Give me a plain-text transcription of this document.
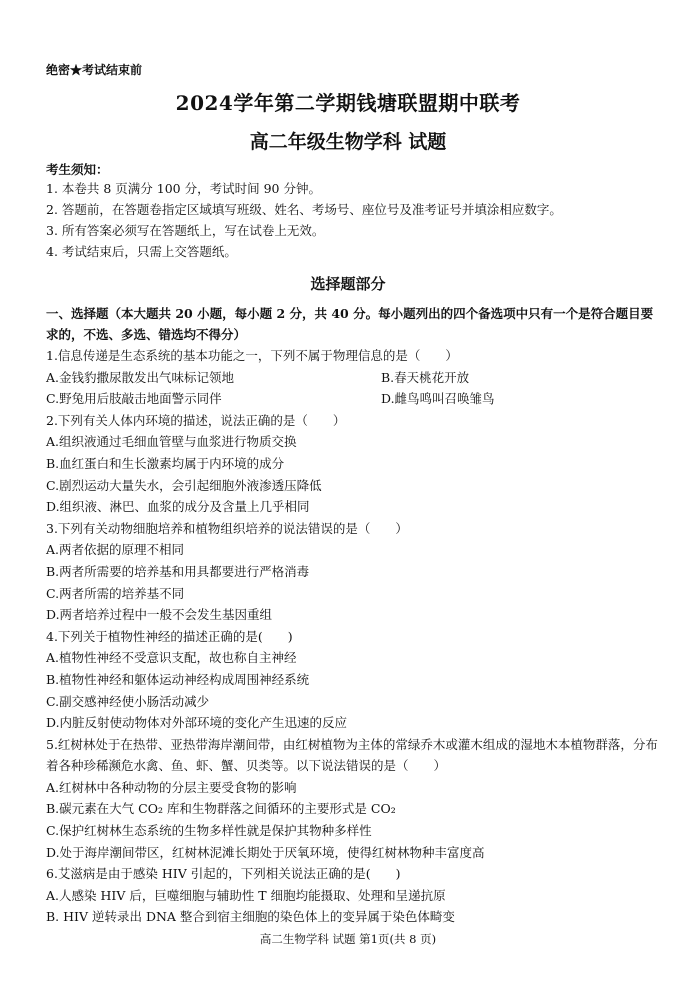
绝密★考试结束前
2024学年第二学期钱塘联盟期中联考
高二年级生物学科 试题
考生须知：
1. 本卷共 8 页满分 100 分，考试时间 90 分钟。
2. 答题前，在答题卷指定区域填写班级、姓名、考场号、座位号及准考证号并填涂相应数字。
3. 所有答案必须写在答题纸上，写在试卷上无效。
4. 考试结束后，只需上交答题纸。
选择题部分
一、选择题（本大题共 20 小题，每小题 2 分，共 40 分。每小题列出的四个备选项中只有一个是符合题目要求的，不选、多选、错选均不得分）
1.信息传递是生态系统的基本功能之一，下列不属于物理信息的是（　　）
A.金钱豹撒尿散发出气味标记领地	B.春天桃花开放
C.野兔用后肢敲击地面警示同伴	D.雌鸟鸣叫召唤雏鸟
2.下列有关人体内环境的描述，说法正确的是（　　）
A.组织液通过毛细血管壁与血浆进行物质交换
B.血红蛋白和生长激素均属于内环境的成分
C.剧烈运动大量失水，会引起细胞外液渗透压降低
D.组织液、淋巴、血浆的成分及含量上几乎相同
3.下列有关动物细胞培养和植物组织培养的说法错误的是（　　）
A.两者依据的原理不相同
B.两者所需要的培养基和用具都要进行严格消毒
C.两者所需的培养基不同
D.两者培养过程中一般不会发生基因重组
4.下列关于植物性神经的描述正确的是(　　)
A.植物性神经不受意识支配，故也称自主神经
B.植物性神经和躯体运动神经构成周围神经系统
C.副交感神经使小肠活动减少
D.内脏反射使动物体对外部环境的变化产生迅速的反应
5.红树林处于在热带、亚热带海岸潮间带，由红树植物为主体的常绿乔木或灌木组成的湿地木本植物群落，分布着各种珍稀濒危水禽、鱼、虾、蟹、贝类等。以下说法错误的是（　　）
A.红树林中各种动物的分层主要受食物的影响
B.碳元素在大气 CO₂ 库和生物群落之间循环的主要形式是 CO₂
C.保护红树林生态系统的生物多样性就是保护其物种多样性
D.处于海岸潮间带区，红树林泥滩长期处于厌氧环境，使得红树林物种丰富度高
6.艾滋病是由于感染 HIV 引起的，下列相关说法正确的是(　　)
A.人感染 HIV 后，巨噬细胞与辅助性 T 细胞均能摄取、处理和呈递抗原
B. HIV 逆转录出 DNA 整合到宿主细胞的染色体上的变异属于染色体畸变
高二生物学科 试题 第1页(共 8 页)
